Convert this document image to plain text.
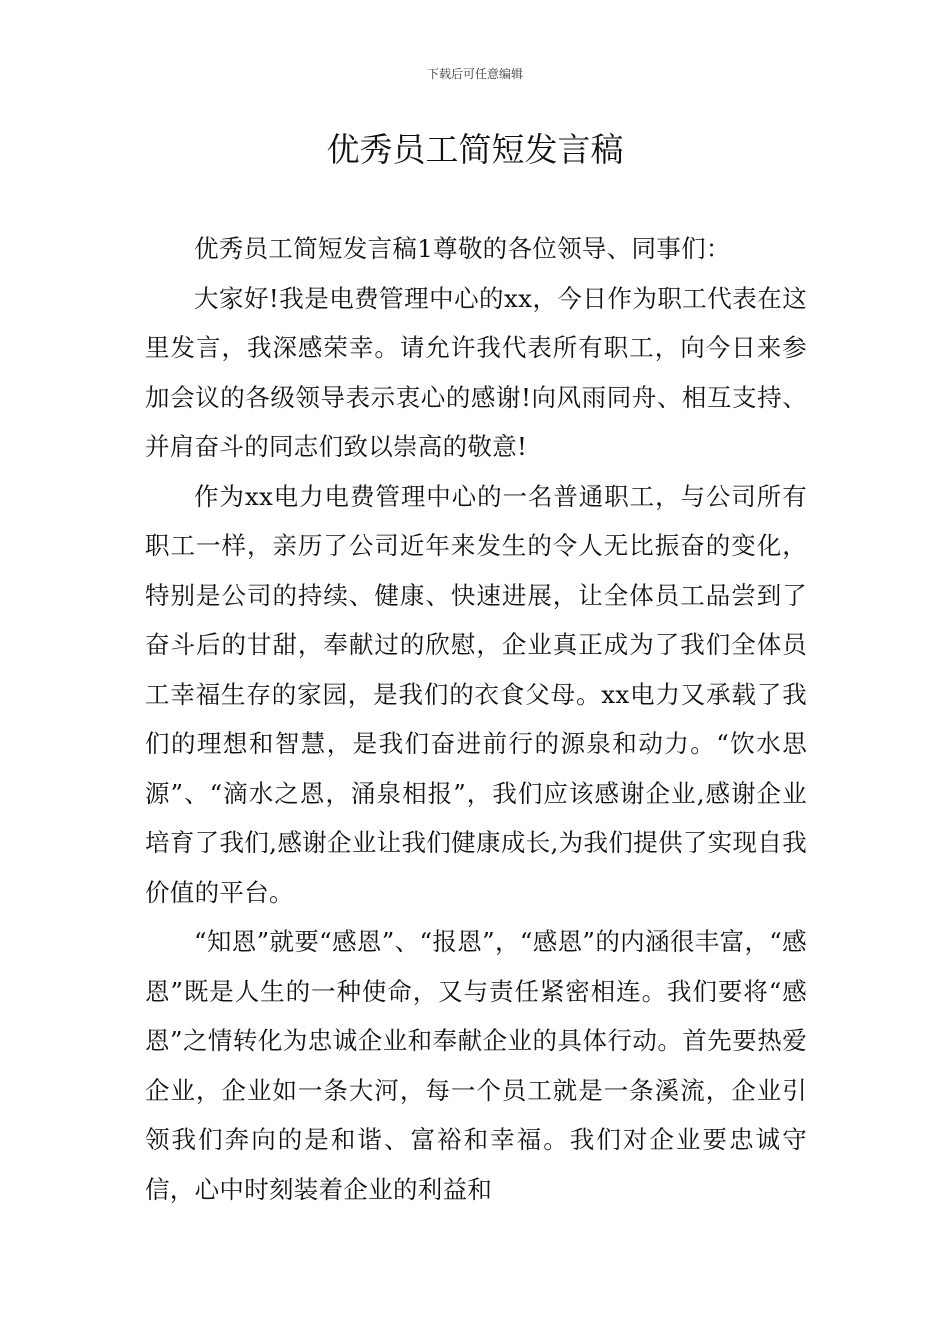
下载后可任意编辑
优秀员工简短发言稿

优秀员工简短发言稿1尊敬的各位领导、同事们：

大家好!我是电费管理中心的xx，今日作为职工代表在这里发言，我深感荣幸。请允许我代表所有职工，向今日来参加会议的各级领导表示衷心的感谢!向风雨同舟、相互支持、并肩奋斗的同志们致以崇高的敬意!

作为xx电力电费管理中心的一名普通职工，与公司所有职工一样，亲历了公司近年来发生的令人无比振奋的变化，特别是公司的持续、健康、快速进展，让全体员工品尝到了奋斗后的甘甜，奉献过的欣慰，企业真正成为了我们全体员工幸福生存的家园，是我们的衣食父母。xx电力又承载了我们的理想和智慧，是我们奋进前行的源泉和动力。“饮水思源”、“滴水之恩，涌泉相报”，我们应该感谢企业,感谢企业培育了我们,感谢企业让我们健康成长,为我们提供了实现自我价值的平台。

“知恩”就要“感恩”、“报恩”，“感恩”的内涵很丰富，“感恩”既是人生的一种使命，又与责任紧密相连。我们要将“感恩”之情转化为忠诚企业和奉献企业的具体行动。首先要热爱企业，企业如一条大河，每一个员工就是一条溪流，企业引领我们奔向的是和谐、富裕和幸福。我们对企业要忠诚守信，心中时刻装着企业的利益和
